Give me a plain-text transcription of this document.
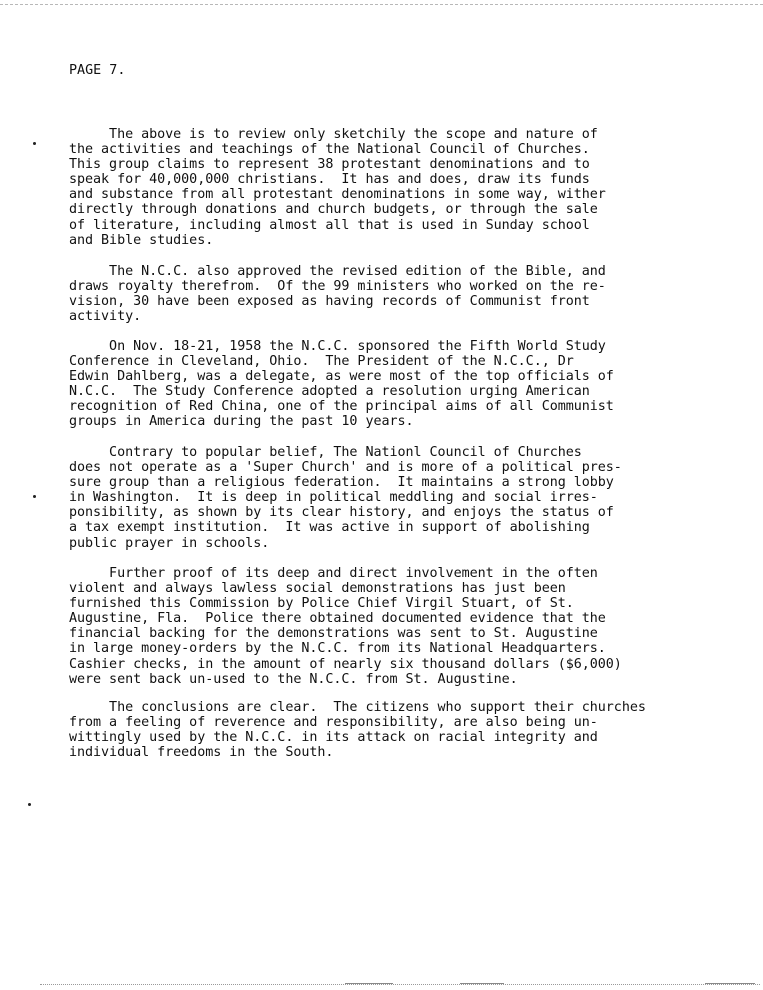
PAGE 7.

The above is to review only sketchily the scope and nature of
the activities and teachings of the National Council of Churches.
This group claims to represent 38 protestant denominations and to
speak for 40,000,000 christians.  It has and does, draw its funds
and substance from all protestant denominations in some way, wither
directly through donations and church budgets, or through the sale
of literature, including almost all that is used in Sunday school
and Bible studies.

The N.C.C. also approved the revised edition of the Bible, and
draws royalty therefrom.  Of the 99 ministers who worked on the re-
vision, 30 have been exposed as having records of Communist front
activity.

On Nov. 18-21, 1958 the N.C.C. sponsored the Fifth World Study
Conference in Cleveland, Ohio.  The President of the N.C.C., Dr
Edwin Dahlberg, was a delegate, as were most of the top officials of
N.C.C.  The Study Conference adopted a resolution urging American
recognition of Red China, one of the principal aims of all Communist
groups in America during the past 10 years.

Contrary to popular belief, The Nationl Council of Churches
does not operate as a 'Super Church' and is more of a political pres-
sure group than a religious federation.  It maintains a strong lobby
in Washington.  It is deep in political meddling and social irres-
ponsibility, as shown by its clear history, and enjoys the status of
a tax exempt institution.  It was active in support of abolishing
public prayer in schools.

Further proof of its deep and direct involvement in the often
violent and always lawless social demonstrations has just been
furnished this Commission by Police Chief Virgil Stuart, of St.
Augustine, Fla.  Police there obtained documented evidence that the
financial backing for the demonstrations was sent to St. Augustine
in large money-orders by the N.C.C. from its National Headquarters.
Cashier checks, in the amount of nearly six thousand dollars ($6,000)
were sent back un-used to the N.C.C. from St. Augustine.

The conclusions are clear.  The citizens who support their churches
from a feeling of reverence and responsibility, are also being un-
wittingly used by the N.C.C. in its attack on racial integrity and
individual freedoms in the South.
